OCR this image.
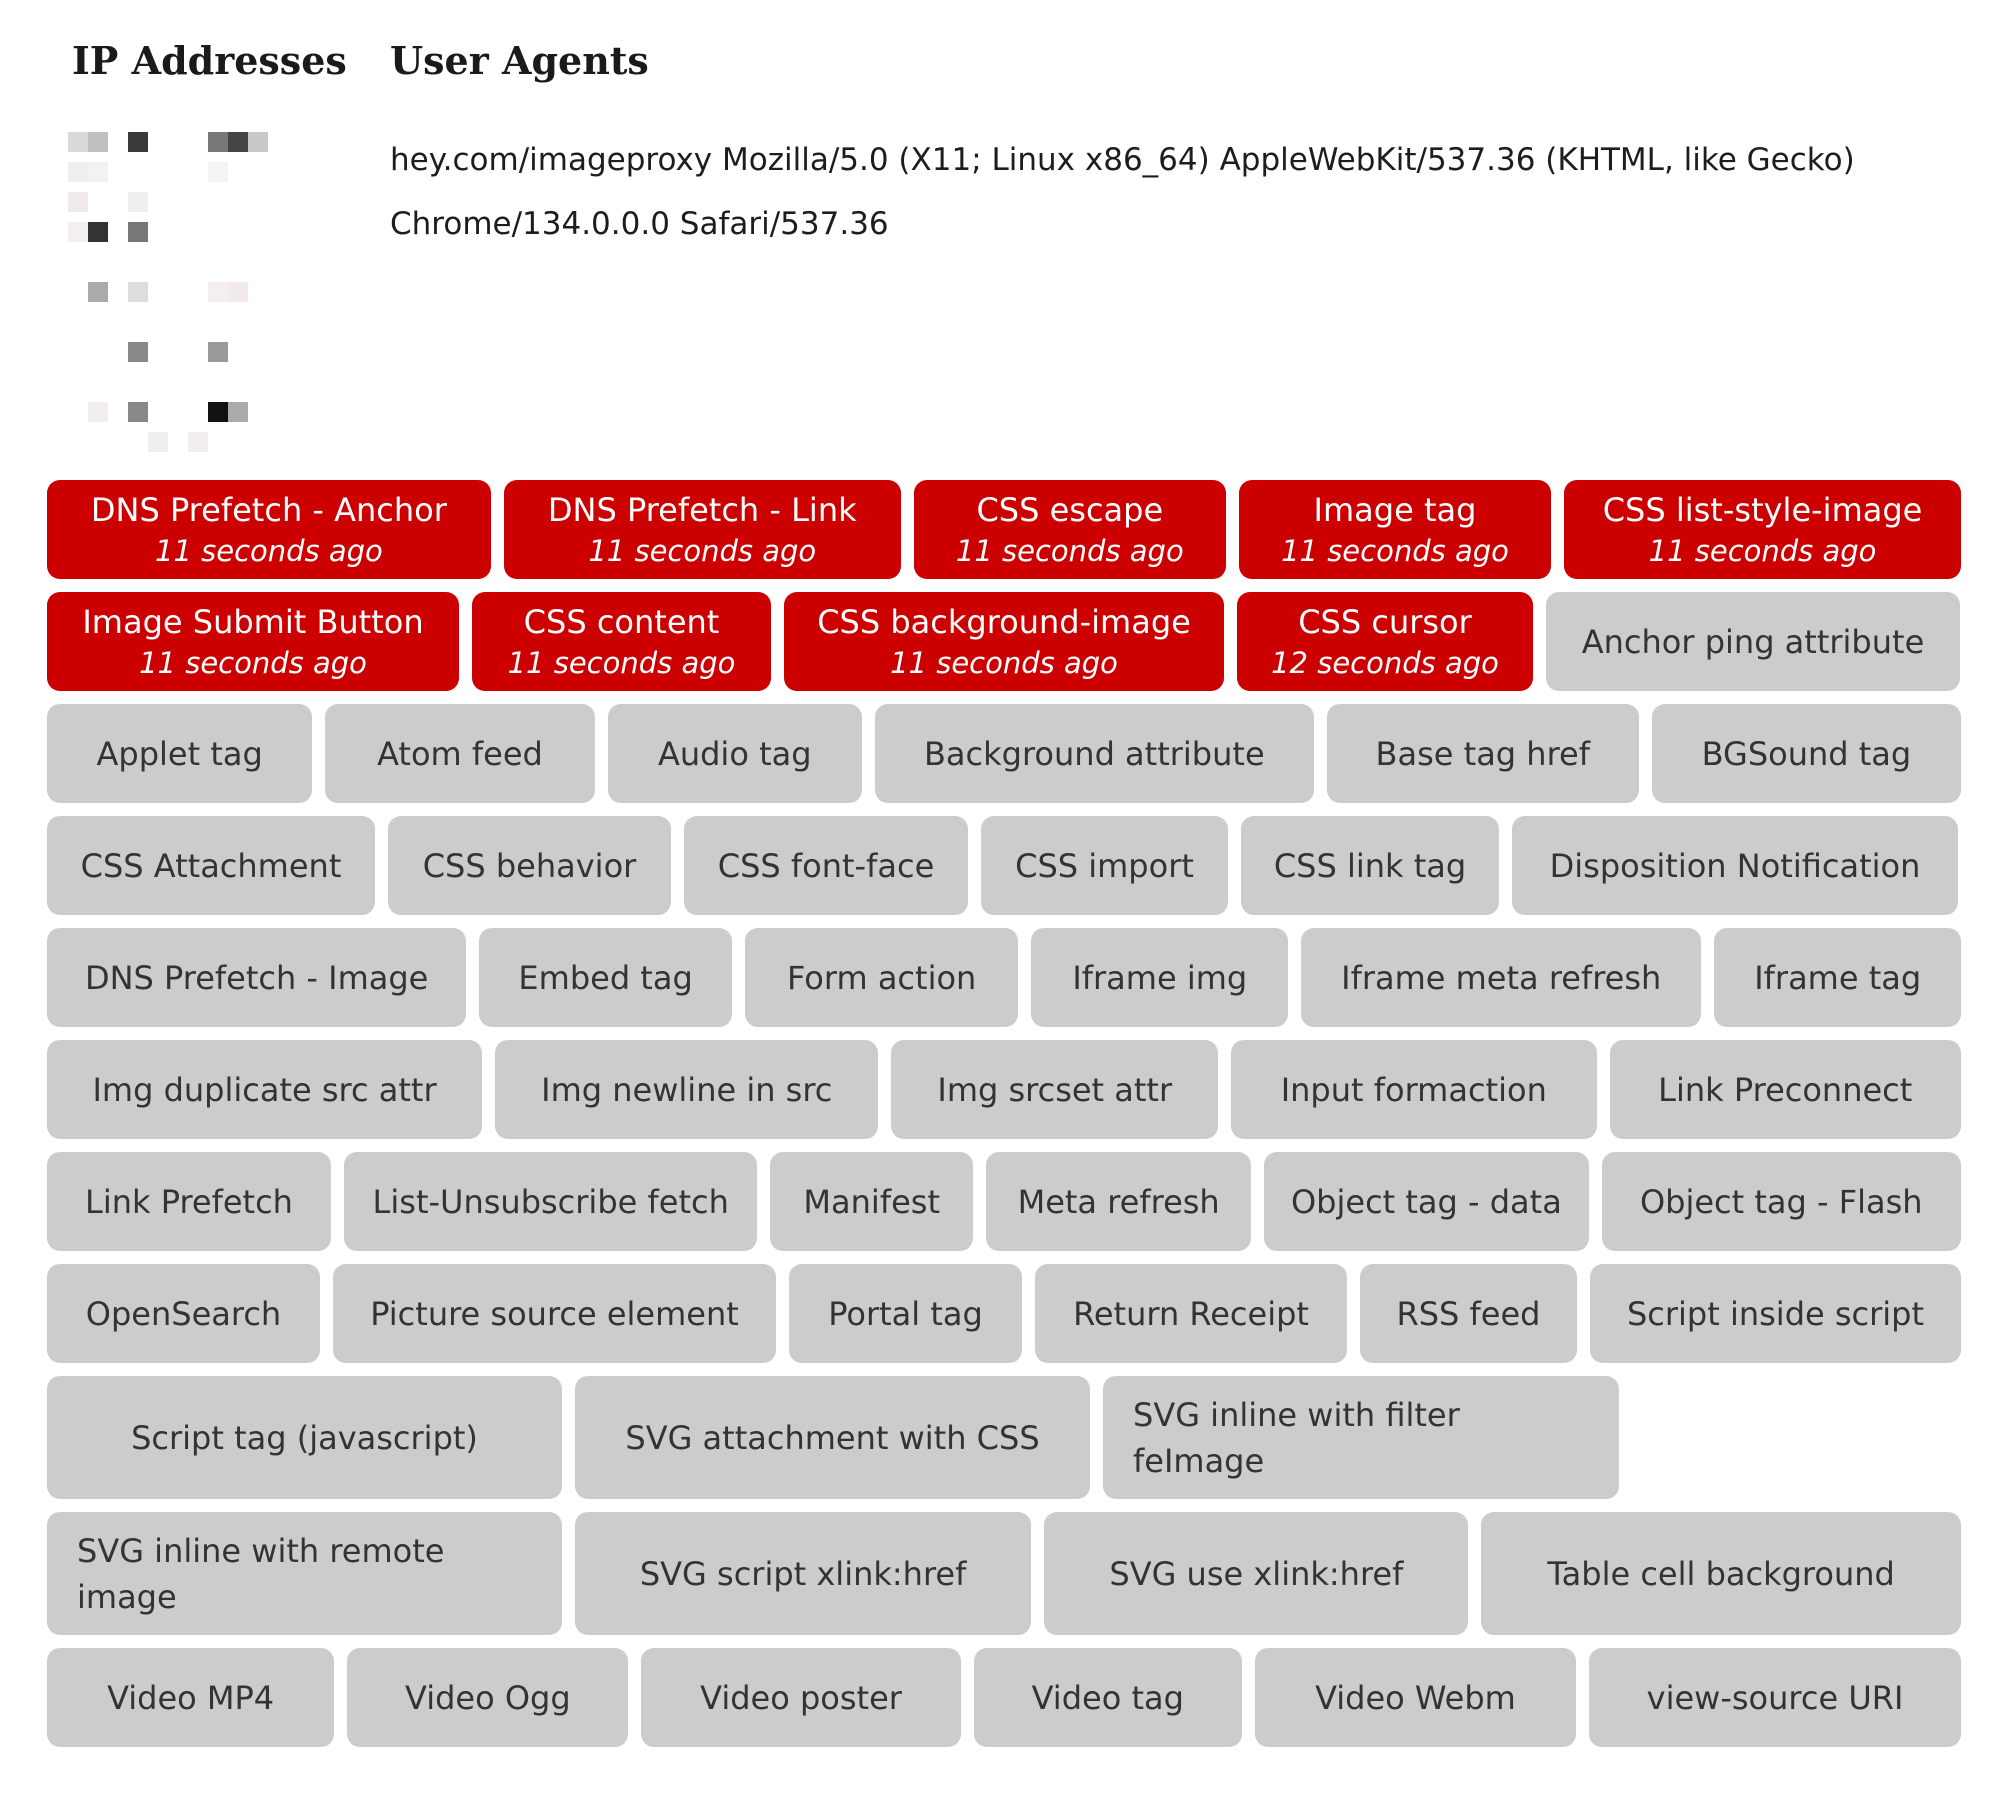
IP Addresses User Agents
hey.com/imageproxy Mozilla/5.0 (X11; Linux x86_64) AppleWebKit/537.36 (KHTML, like Gecko) Chrome/134.0.0.0 Safari/537.36
DNS Prefetch - Anchor
11 seconds ago
DNS Prefetch - Link
11 seconds ago
CSS escape
11 seconds ago
Image tag
11 seconds ago
CSS list-style-image
11 seconds ago
Image Submit Button
11 seconds ago
CSS content
11 seconds ago
CSS background-image
11 seconds ago
CSS cursor
12 seconds ago
Anchor ping attribute
Applet tag	Atom feed	Audio tag	Background attribute	Base tag href	BGSound tag
CSS Attachment	CSS behavior	CSS font-face	CSS import CSS link tag	Disposition Notification
DNS Prefetch - Image	Embed tag	Form action	Iframe img	Iframe meta refresh	Iframe tag
Img duplicate src attr	Img newline in src	Img srcset attr	Input formaction	Link Preconnect
Link Prefetch List-Unsubscribe fetch Manifest Meta refresh Object tag - data Object tag - Flash
OpenSearch	Picture source element	Portal tag	Return Receipt	RSS feed	Script inside script
Script tag (javascript)	SVG attachment with CSS
SVG inline with filter feImage
SVG inline with remote image
SVG script xlink:href	SVG use xlink:href	Table cell background
Video MP4	Video Ogg	Video poster	Video tag	Video Webm	view-source URI
